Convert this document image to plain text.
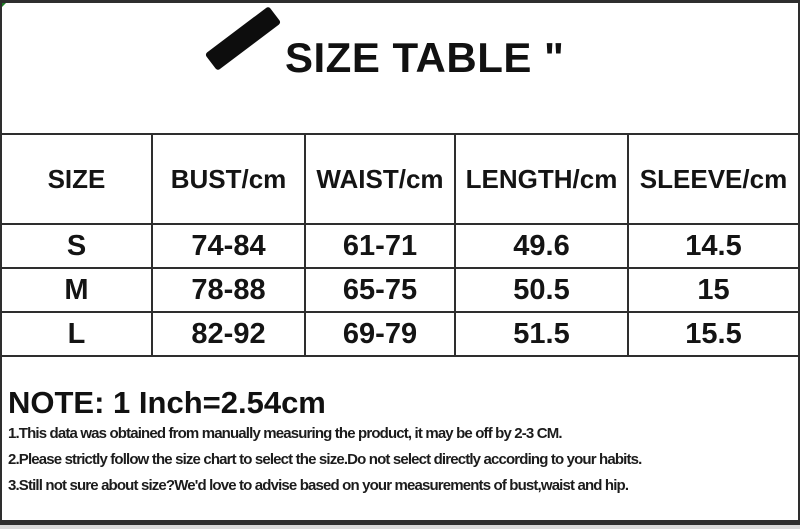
SIZE TABLE "
SIZE	BUST/cm	WAIST/cm	LENGTH/cm	SLEEVE/cm
S	74-84	61-71	49.6	14.5
M	78-88	65-75	50.5	15
L	82-92	69-79	51.5	15.5
NOTE: 1 Inch=2.54cm
1.This data was obtained from manually measuring the product, it may be off by 2-3 CM.
2.Please strictly follow the size chart to select the size.Do not select directly according to your habits.
3.Still not sure about size?We'd love to advise based on your measurements of bust,waist and hip.
